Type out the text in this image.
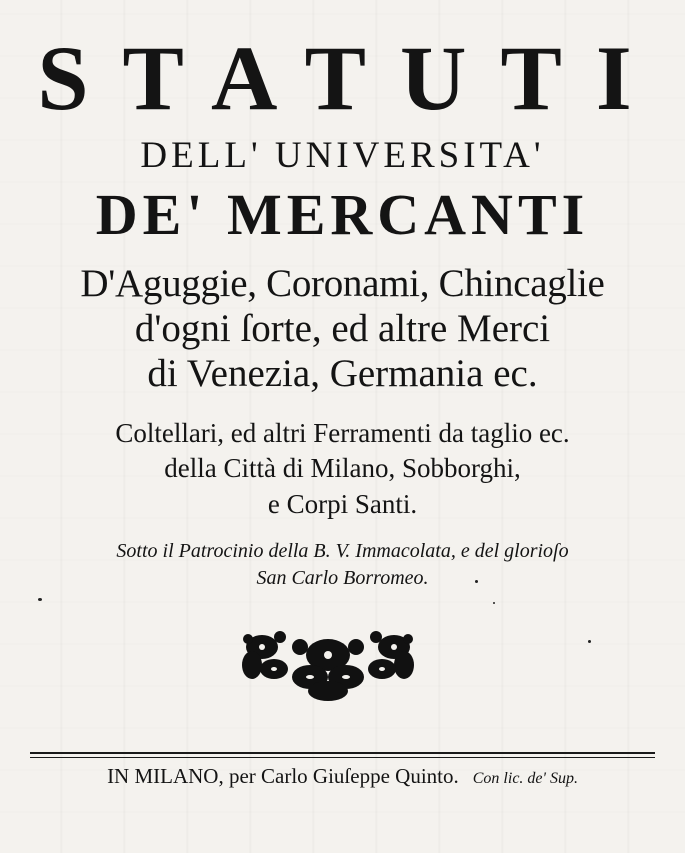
STATUTI
DELL' UNIVERSITA'
DE' MERCANTI
D'Aguggie, Coronami, Chincaglie
d'ogni ſorte, ed altre Merci
di Venezia, Germania ec.
Coltellari, ed altri Ferramenti da taglio ec.
della Città di Milano, Sobborghi,
e Corpi Santi.
Sotto il Patrocinio della B. V. Immacolata, e del glorioſo
San Carlo Borromeo.
IN MILANO, per Carlo Giuſeppe Quinto. Con lic. de' Sup.
